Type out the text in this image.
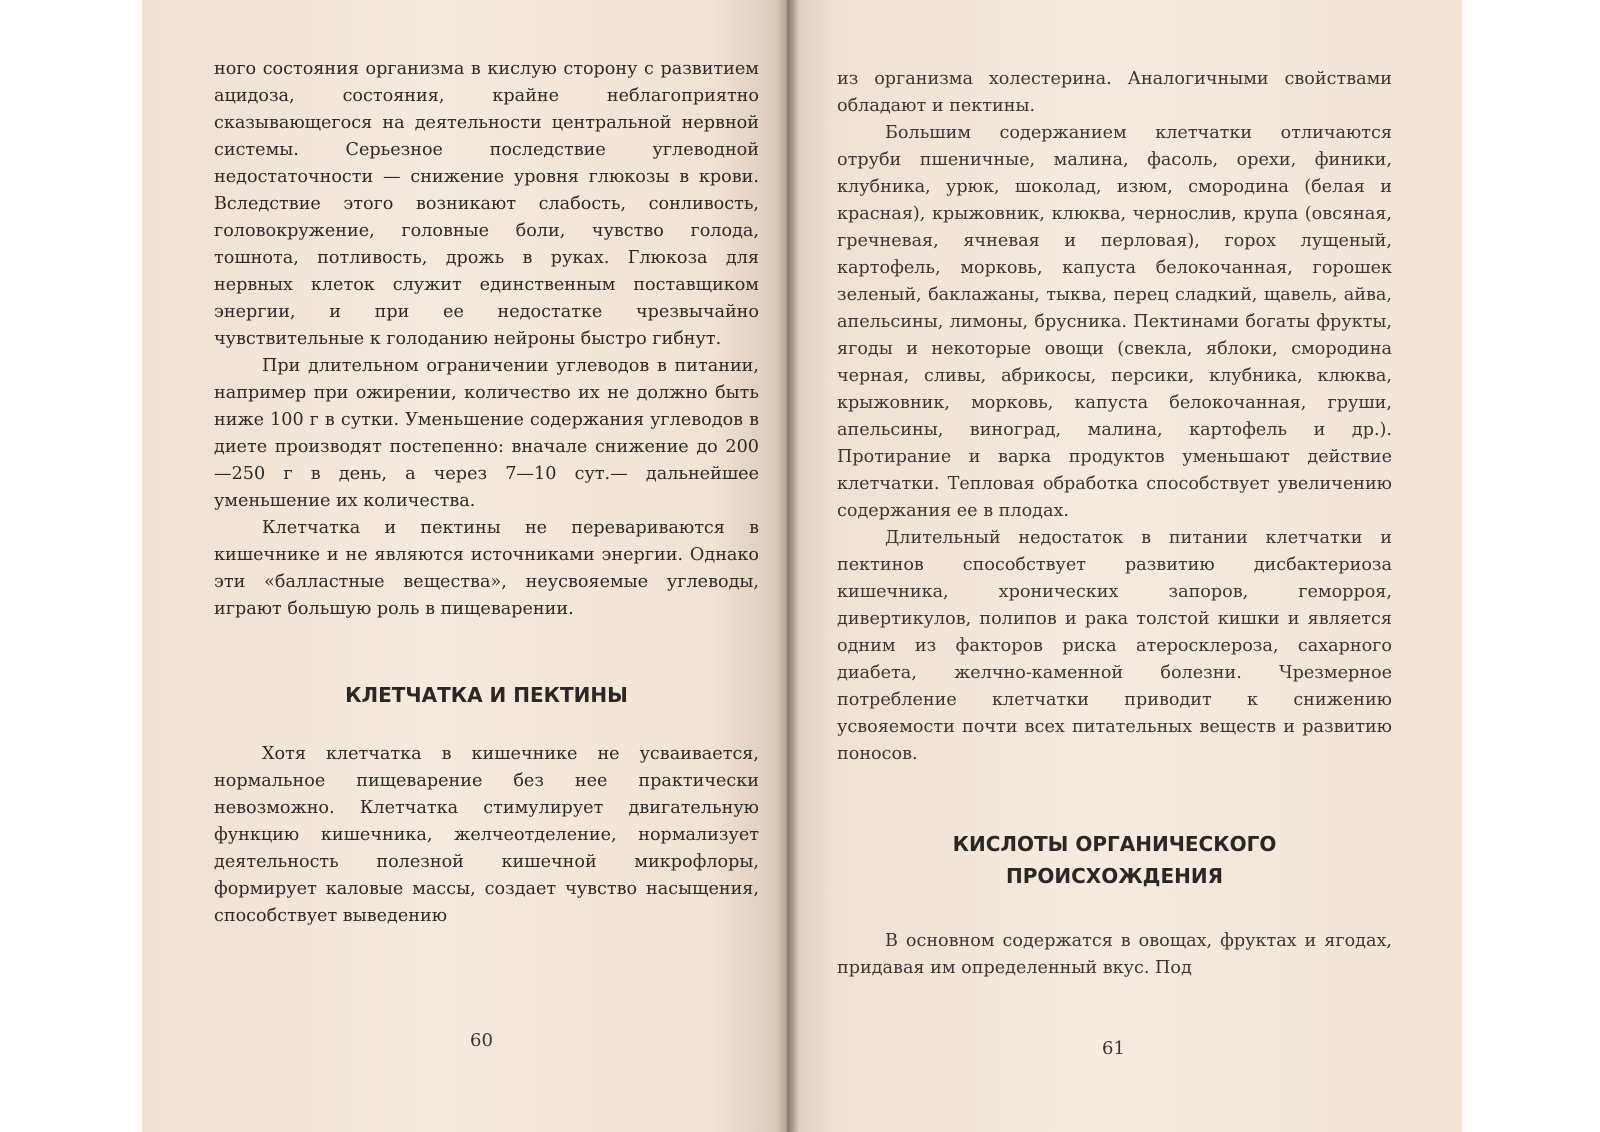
ного состояния организма в кислую сторону с развитием ацидоза, состояния, крайне неблагоприятно сказывающегося на деятельности центральной нервной системы. Серьезное последствие углеводной недостаточности — снижение уровня глюкозы в крови. Вследствие этого возникают слабость, сонливость, головокружение, головные боли, чувство голода, тошнота, потливость, дрожь в руках. Глюкоза для нервных клеток служит единственным поставщиком энергии, и при ее недостатке чрезвычайно чувствительные к голоданию нейроны быстро гибнут.

При длительном ограничении углеводов в питании, например при ожирении, количество их не должно быть ниже 100 г в сутки. Уменьшение содержания углеводов в диете производят постепенно: вначале снижение до 200—250 г в день, а через 7—10 сут.— дальнейшее уменьшение их количества.

Клетчатка и пектины не перевариваются в кишечнике и не являются источниками энергии. Однако эти «балластные вещества», неусвояемые углеводы, играют большую роль в пищеварении.

КЛЕТЧАТКА И ПЕКТИНЫ

Хотя клетчатка в кишечнике не усваивается, нормальное пищеварение без нее практически невозможно. Клетчатка стимулирует двигательную функцию кишечника, желчеотделение, нормализует деятельность полезной кишечной микрофлоры, формирует каловые массы, создает чувство насыщения, способствует выведению

60

из организма холестерина. Аналогичными свойствами обладают и пектины.

Большим содержанием клетчатки отличаются отруби пшеничные, малина, фасоль, орехи, финики, клубника, урюк, шоколад, изюм, смородина (белая и красная), крыжовник, клюква, чернослив, крупа (овсяная, гречневая, ячневая и перловая), горох лущеный, картофель, морковь, капуста белокочанная, горошек зеленый, баклажаны, тыква, перец сладкий, щавель, айва, апельсины, лимоны, брусника. Пектинами богаты фрукты, ягоды и некоторые овощи (свекла, яблоки, смородина черная, сливы, абрикосы, персики, клубника, клюква, крыжовник, морковь, капуста белокочанная, груши, апельсины, виноград, малина, картофель и др.). Протирание и варка продуктов уменьшают действие клетчатки. Тепловая обработка способствует увеличению содержания ее в плодах.

Длительный недостаток в питании клетчатки и пектинов способствует развитию дисбактериоза кишечника, хронических запоров, геморроя, дивертикулов, полипов и рака толстой кишки и является одним из факторов риска атеросклероза, сахарного диабета, желчно-каменной болезни. Чрезмерное потребление клетчатки приводит к снижению усвояемости почти всех питательных веществ и развитию поносов.

КИСЛОТЫ ОРГАНИЧЕСКОГО
ПРОИСХОЖДЕНИЯ

В основном содержатся в овощах, фруктах и ягодах, придавая им определенный вкус. Под

61
